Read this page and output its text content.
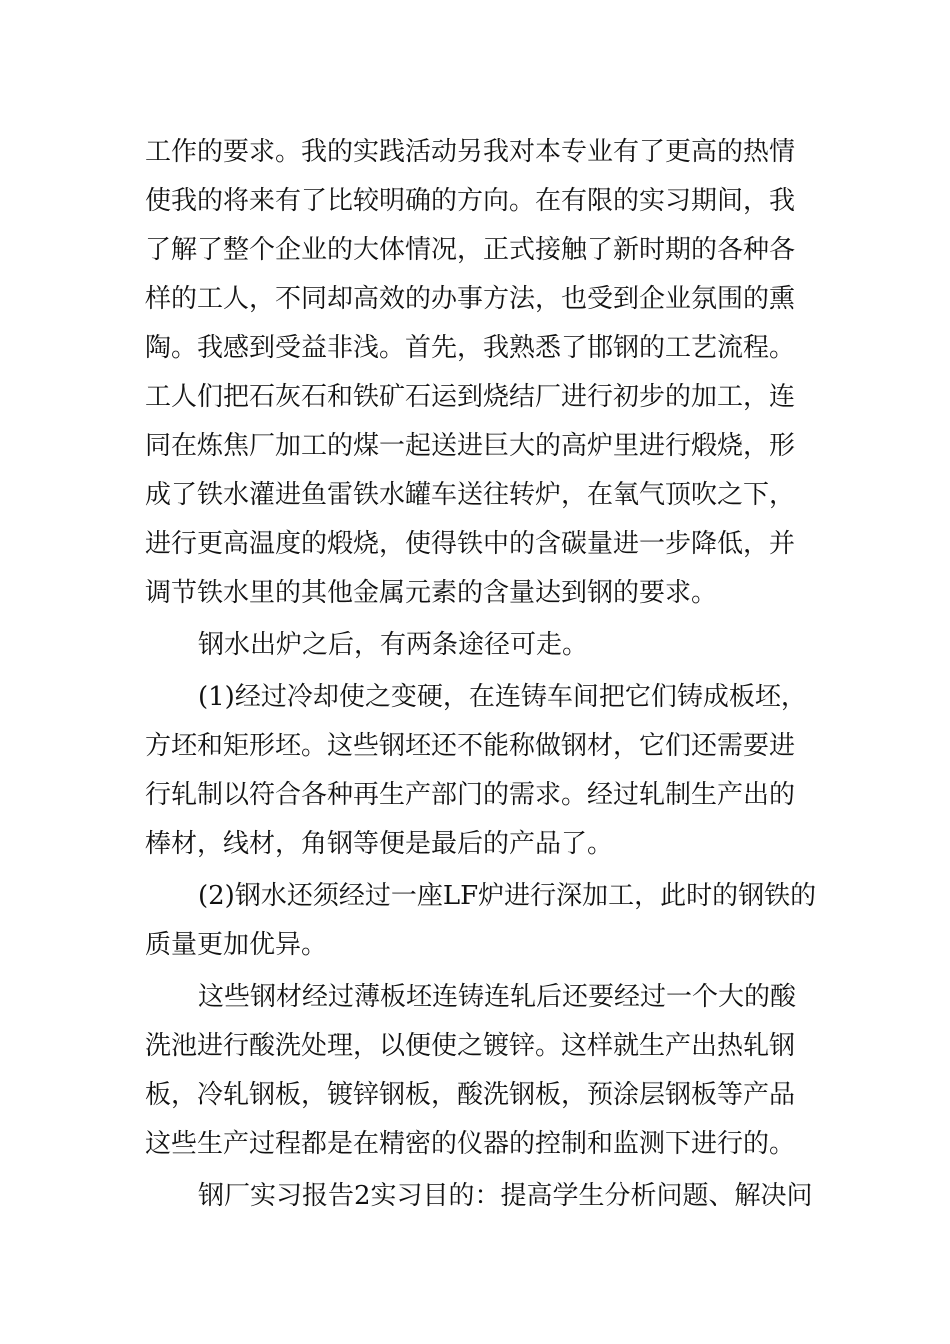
工作的要求。我的实践活动另我对本专业有了更高的热情
使我的将来有了比较明确的方向。在有限的实习期间，我
了解了整个企业的大体情况，正式接触了新时期的各种各
样的工人，不同却高效的办事方法，也受到企业氛围的熏
陶。我感到受益非浅。首先，我熟悉了邯钢的工艺流程。
工人们把石灰石和铁矿石运到烧结厂进行初步的加工，连
同在炼焦厂加工的煤一起送进巨大的高炉里进行煅烧，形
成了铁水灌进鱼雷铁水罐车送往转炉，在氧气顶吹之下，
进行更高温度的煅烧，使得铁中的含碳量进一步降低，并
调节铁水里的其他金属元素的含量达到钢的要求。
钢水出炉之后，有两条途径可走。
(1)经过冷却使之变硬，在连铸车间把它们铸成板坯，
方坯和矩形坯。这些钢坯还不能称做钢材，它们还需要进
行轧制以符合各种再生产部门的需求。经过轧制生产出的
棒材，线材，角钢等便是最后的产品了。
(2)钢水还须经过一座LF炉进行深加工，此时的钢铁的
质量更加优异。
这些钢材经过薄板坯连铸连轧后还要经过一个大的酸
洗池进行酸洗处理，以便使之镀锌。这样就生产出热轧钢
板，冷轧钢板，镀锌钢板，酸洗钢板，预涂层钢板等产品
这些生产过程都是在精密的仪器的控制和监测下进行的。
钢厂实习报告2实习目的：提高学生分析问题、解决问
